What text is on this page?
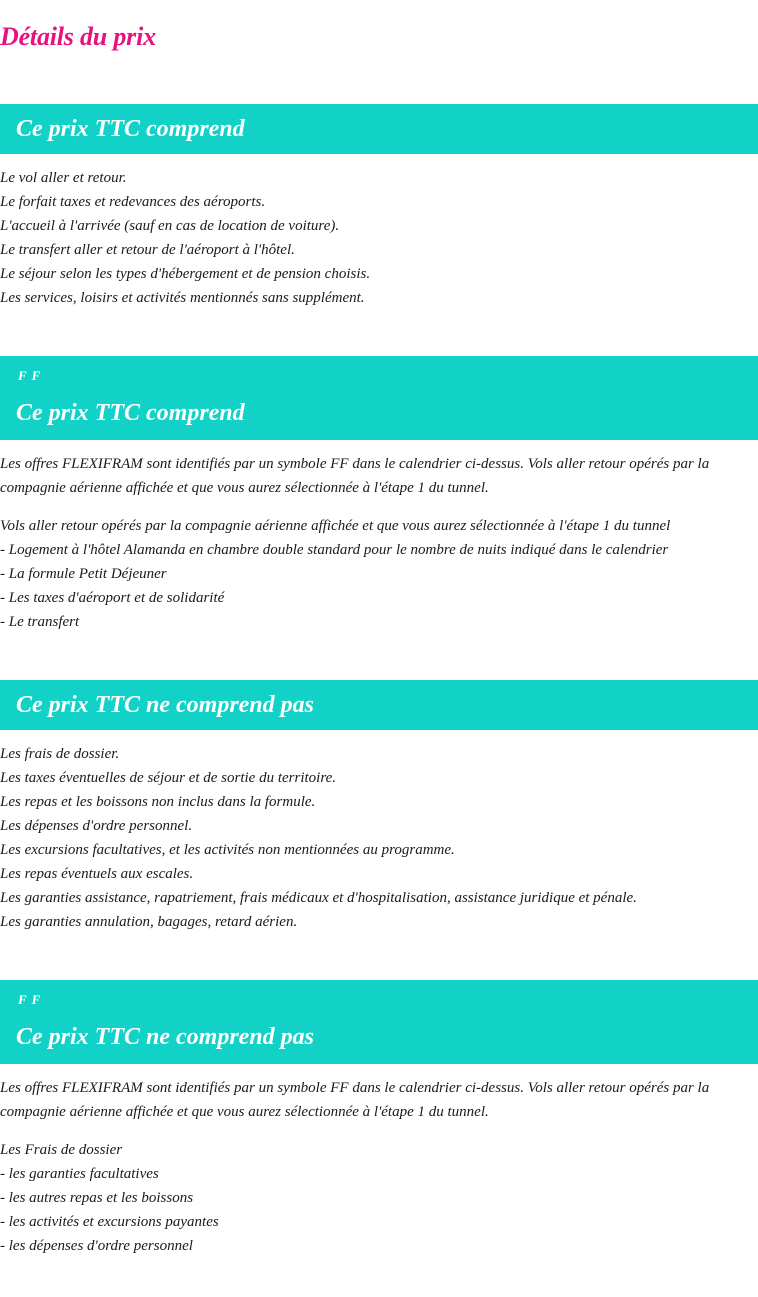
Détails du prix
Ce prix TTC comprend

Le vol aller et retour.

Le forfait taxes et redevances des aéroports.

L'accueil à l'arrivée (sauf en cas de location de voiture).

Le transfert aller et retour de l'aéroport à l'hôtel.

Le séjour selon les types d'hébergement et de pension choisis.

Les services, loisirs et activités mentionnés sans supplément.

F F
Ce prix TTC comprend

Les offres FLEXIFRAM sont identifiés par un symbole FF dans le calendrier ci-dessus. Vols aller retour opérés par la compagnie aérienne affichée et que vous aurez sélectionnée à l'étape 1 du tunnel.

Vols aller retour opérés par la compagnie aérienne affichée et que vous aurez sélectionnée à l'étape 1 du tunnel

- Logement à l'hôtel Alamanda en chambre double standard pour le nombre de nuits indiqué dans le calendrier

- La formule Petit Déjeuner

- Les taxes d'aéroport et de solidarité

- Le transfert

Ce prix TTC ne comprend pas

Les frais de dossier.

Les taxes éventuelles de séjour et de sortie du territoire.

Les repas et les boissons non inclus dans la formule.

Les dépenses d'ordre personnel.

Les excursions facultatives, et les activités non mentionnées au programme.

Les repas éventuels aux escales.

Les garanties assistance, rapatriement, frais médicaux et d'hospitalisation, assistance juridique et pénale.

Les garanties annulation, bagages, retard aérien.

F F
Ce prix TTC ne comprend pas

Les offres FLEXIFRAM sont identifiés par un symbole FF dans le calendrier ci-dessus. Vols aller retour opérés par la compagnie aérienne affichée et que vous aurez sélectionnée à l'étape 1 du tunnel.

Les Frais de dossier

- les garanties facultatives

- les autres repas et les boissons

- les activités et excursions payantes

- les dépenses d'ordre personnel
